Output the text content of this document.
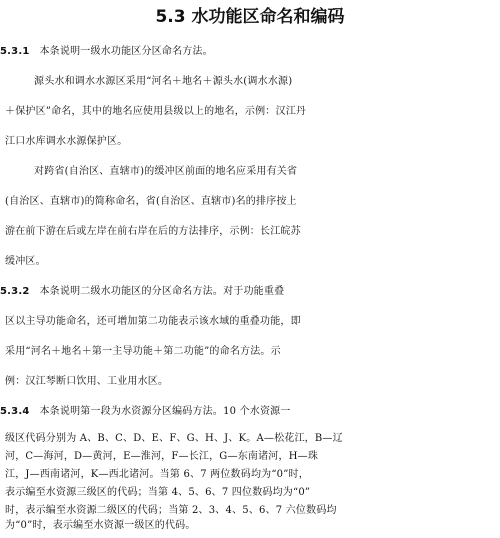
5.3 水功能区命名和编码
5.3.1 本条说明一级水功能区分区命名方法。
源头水和调水水源区采用“河名＋地名＋源头水(调水水源)
＋保护区”命名，其中的地名应使用县级以上的地名，示例：汉江丹
江口水库调水水源保护区。
对跨省(自治区、直辖市)的缓冲区前面的地名应采用有关省
(自治区、直辖市)的简称命名，省(自治区、直辖市)名的排序按上
游在前下游在后或左岸在前右岸在后的方法排序，示例：长江皖苏
缓冲区。
5.3.2 本条说明二级水功能区的分区命名方法。对于功能重叠
区以主导功能命名，还可增加第二功能表示该水域的重叠功能，即
采用“河名＋地名＋第一主导功能＋第二功能”的命名方法。示
例：汉江琴断口饮用、工业用水区。
5.3.4 本条说明第一段为水资源分区编码方法。10 个水资源一
级区代码分别为 A、B、C、D、E、F、G、H、J、K。A—松花江，B—辽
河，C—海河，D—黄河，E—淮河，F—长江，G—东南诸河，H—珠
江，J—西南诸河，K—西北诸河。当第 6、7 两位数码均为“0”时，
表示编至水资源三级区的代码；当第 4、5、6、7 四位数码均为“0”
时，表示编至水资源二级区的代码；当第 2、3、4、5、6、7 六位数码均
为“0”时，表示编至水资源一级区的代码。
